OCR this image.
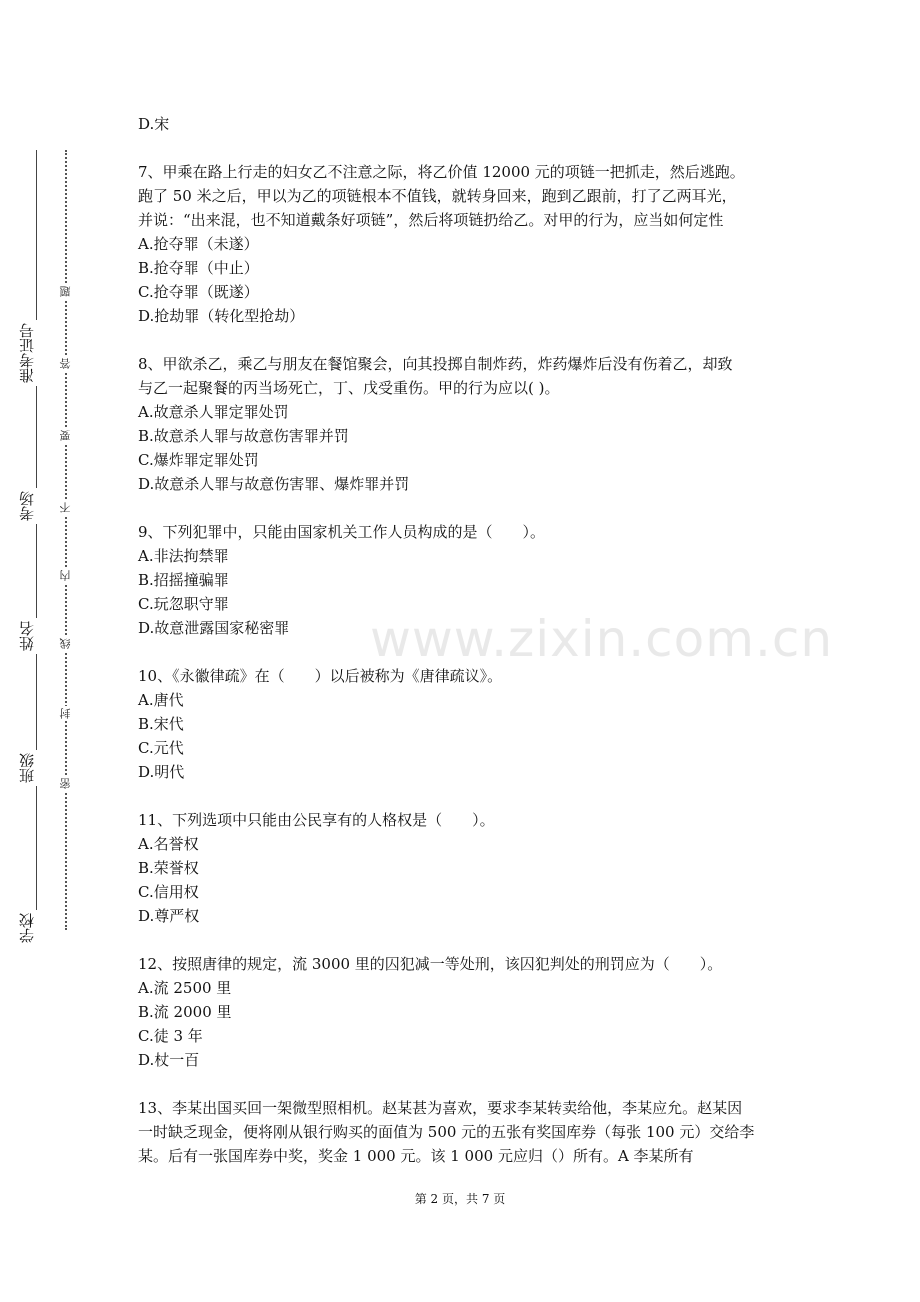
准考证号
考场
姓名
班级
学校
题
答
要
不
内
线
封
密
www.zixin.com.cn
D.宋
7、甲乘在路上行走的妇女乙不注意之际，将乙价值 12000 元的项链一把抓走，然后逃跑。
跑了 50 米之后，甲以为乙的项链根本不值钱，就转身回来，跑到乙跟前，打了乙两耳光，
并说：“出来混，也不知道戴条好项链”，然后将项链扔给乙。对甲的行为，应当如何定性
A.抢夺罪（未遂）
B.抢夺罪（中止）
C.抢夺罪（既遂）
D.抢劫罪（转化型抢劫）
8、甲欲杀乙，乘乙与朋友在餐馆聚会，向其投掷自制炸药，炸药爆炸后没有伤着乙，却致
与乙一起聚餐的丙当场死亡，丁、戊受重伤。甲的行为应以( )。
A.故意杀人罪定罪处罚
B.故意杀人罪与故意伤害罪并罚
C.爆炸罪定罪处罚
D.故意杀人罪与故意伤害罪、爆炸罪并罚
9、下列犯罪中，只能由国家机关工作人员构成的是（　　）。
A.非法拘禁罪
B.招摇撞骗罪
C.玩忽职守罪
D.故意泄露国家秘密罪
10、《永徽律疏》在（　　）以后被称为《唐律疏议》。
A.唐代
B.宋代
C.元代
D.明代
11、下列选项中只能由公民享有的人格权是（　　）。
A.名誉权
B.荣誉权
C.信用权
D.尊严权
12、按照唐律的规定，流 3000 里的囚犯减一等处刑，该囚犯判处的刑罚应为（　　）。
A.流 2500 里
B.流 2000 里
C.徒 3 年
D.杖一百
13、李某出国买回一架微型照相机。赵某甚为喜欢，要求李某转卖给他，李某应允。赵某因
一时缺乏现金，便将刚从银行购买的面值为 500 元的五张有奖国库券（每张 100 元）交给李
某。后有一张国库券中奖，奖金 1 000 元。该 1 000 元应归（）所有。A 李某所有
第 2 页，共 7 页
